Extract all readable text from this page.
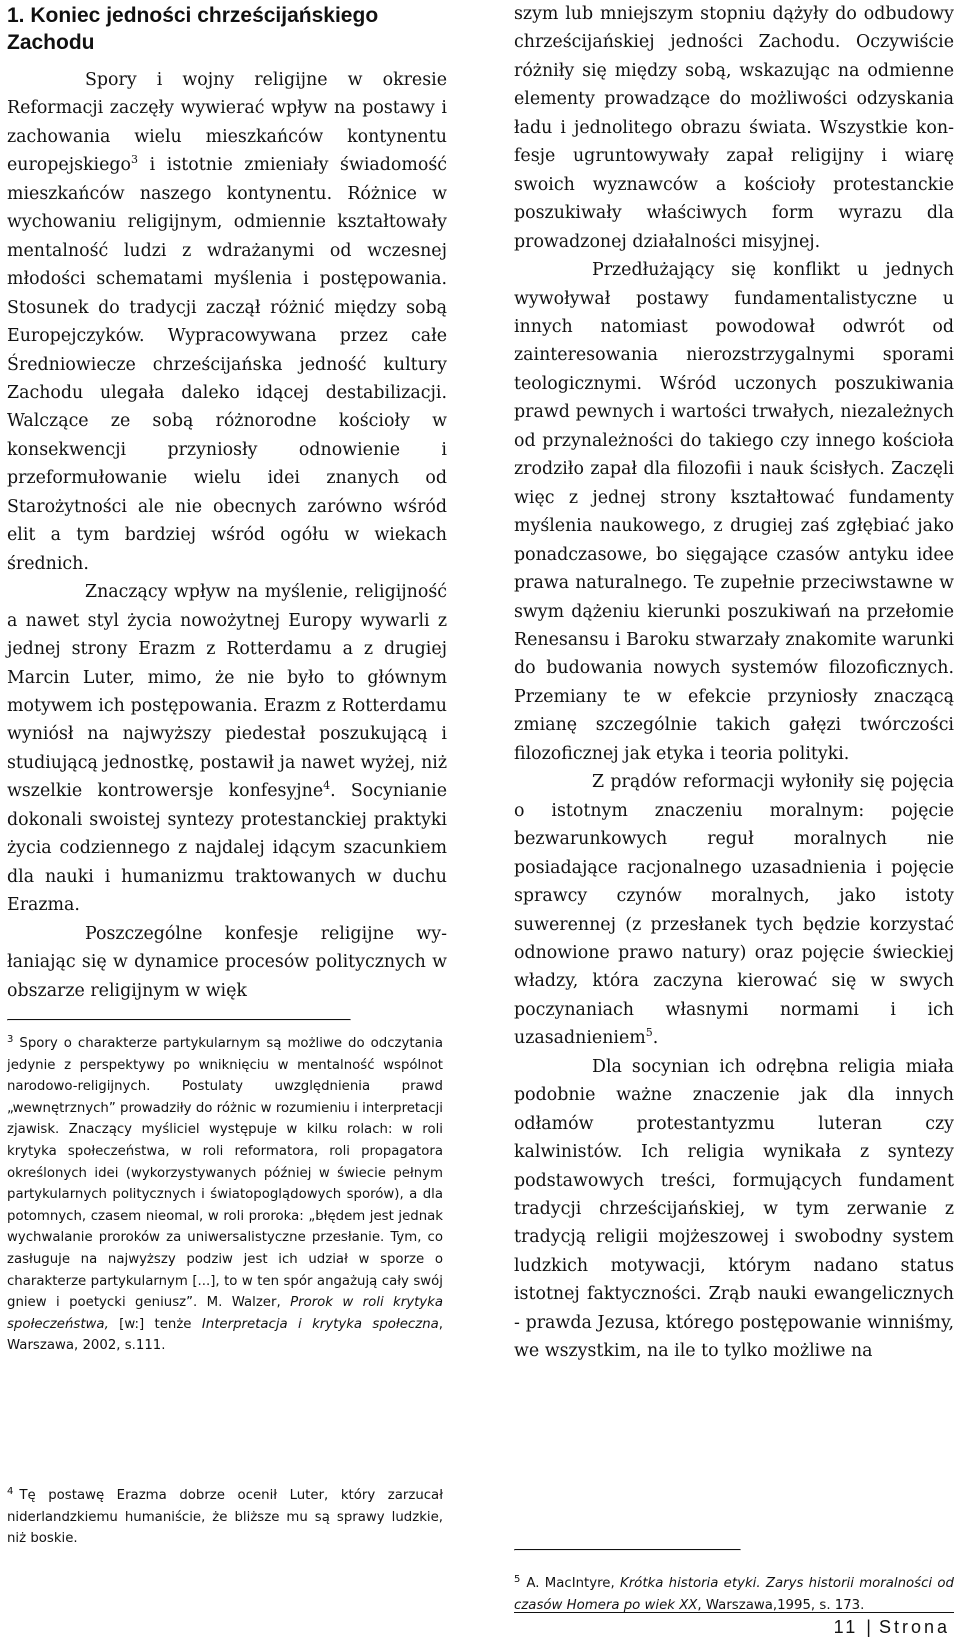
1. Koniec jedności chrześcijańskiego Zachodu

Spory i wojny religijne w okresie Reformacji zaczęły wywierać wpływ na postawy i zachowania wielu mieszkańców kontynentu europejskiego$^3$ i istotnie zmieniały świadomość mieszkańców naszego kontynentu. Różnice w wychowaniu religijnym, odmiennie kształtowały mentalność ludzi z wdrażanymi od wczesnej młodości schematami myślenia i postępowania. Stosunek do tradycji zaczął różnić między sobą Europejczyków. Wypracowywana przez całe Średniowiecze chrześcijańska jedność kultury Zachodu ulegała daleko idącej destabilizacji. Walczące ze sobą różnorodne kościoły w konsekwencji przyniosły odnowienie i przeformułowanie wielu idei znanych od Starożytności ale nie obecnych zarówno wśród elit a tym bardziej wśród ogółu w wiekach średnich.

Znaczący wpływ na myślenie, religijność a nawet styl życia nowożytnej Europy wywarli z jednej strony Erazm z Rotterdamu a z drugiej Marcin Luter, mimo, że nie było to głównym motywem ich postępowania. Erazm z Rotterdamu wyniósł na najwyższy piedestał poszukującą i studiującą jednostkę, postawił ja nawet wyżej, niż wszelkie kontrowersje konfesyjne$^4$. Socynianie dokonali swoistej syntezy protestanckiej praktyki życia codziennego z najdalej idącym szacunkiem dla nauki i humanizmu traktowanych w duchu Erazma.

Poszczególne konfesje religijne wyłaniając się w dynamice procesów politycznych w obszarze religijnym w więk

$^3$ Spory o charakterze partykularnym są możliwe do odczytania jedynie z perspektywy po wniknięciu w mentalność wspólnot narodowo-religijnych. Postulaty uwzględnienia prawd „wewnętrznych” prowadziły do różnic w rozumieniu i interpretacji zjawisk. Znaczący myśliciel występuje w kilku rolach: w roli krytyka społeczeństwa, w roli reformatora, roli propagatora określonych idei (wykorzystywanych później w świecie pełnym partykularnych politycznych i światopoglądowych sporów), a dla potomnych, czasem nieomal, w roli proroka: „błędem jest jednak wychwalanie proroków za uniwersalistyczne przesłanie. Tym, co zasługuje na najwyższy podziw jest ich udział w sporze o charakterze partykularnym [...], to w ten spór angażują cały swój gniew i poetycki geniusz”. M. Walzer, Prorok w roli krytyka społeczeństwa, [w:] tenże Interpretacja i krytyka społeczna, Warszawa, 2002, s.111.

$^4$ Tę postawę Erazma dobrze ocenił Luter, który zarzucał niderlandzkiemu humaniście, że bliższe mu są sprawy ludzkie, niż boskie.

szym lub mniejszym stopniu dążyły do odbudowy chrześcijańskiej jedności Zachodu. Oczywiście różniły się między sobą, wskazując na odmienne elementy prowadzące do możliwości odzyskania ładu i jednolitego obrazu świata. Wszystkie konfesje ugruntowywały zapał religijny i wiarę swoich wyznawców a kościoły protestanckie poszukiwały właściwych form wyrazu dla prowadzonej działalności misyjnej.

Przedłużający się konflikt u jednych wywoływał postawy fundamentalistyczne u innych natomiast powodował odwrót od zainteresowania nierozstrzygalnymi sporami teologicznymi. Wśród uczonych poszukiwania prawd pewnych i wartości trwałych, niezależnych od przynależności do takiego czy innego kościoła zrodziło zapał dla filozofii i nauk ścisłych. Zaczęli więc z jednej strony kształtować fundamenty myślenia naukowego, z drugiej zaś zgłębiać jako ponadczasowe, bo sięgające czasów antyku idee prawa naturalnego. Te zupełnie przeciwstawne w swym dążeniu kierunki poszukiwań na przełomie Renesansu i Baroku stwarzały znakomite warunki do budowania nowych systemów filozoficznych. Przemiany te w efekcie przyniosły znaczącą zmianę szczególnie takich gałęzi twórczości filozoficznej jak etyka i teoria polityki.

Z prądów reformacji wyłoniły się pojęcia o istotnym znaczeniu moralnym: pojęcie bezwarunkowych reguł moralnych nie posiadające racjonalnego uzasadnienia i pojęcie sprawcy czynów moralnych, jako istoty suwerennej (z przesłanek tych będzie korzystać odnowione prawo natury) oraz pojęcie świeckiej władzy, która zaczyna kierować się w swych poczynaniach własnymi normami i ich uzasadnieniem$^5$.

Dla socynian ich odrębna religia miała podobnie ważne znaczenie jak dla innych odłamów protestantyzmu luteran czy kalwinistów. Ich religia wynikała z syntezy podstawowych treści, formujących fundament tradycji chrześcijańskiej, w tym zerwanie z tradycją religii mojżeszowej i swobodny system ludzkich motywacji, którym nadano status istotnej faktyczności. Zrąb nauki ewangelicznych - prawda Jezusa, którego postępowanie winniśmy, we wszystkim, na ile to tylko możliwe na

$^5$ A. MacIntyre, Krótka historia etyki. Zarys historii moralności od czasów Homera po wiek XX, Warszawa,1995, s. 173.

11 | Strona
